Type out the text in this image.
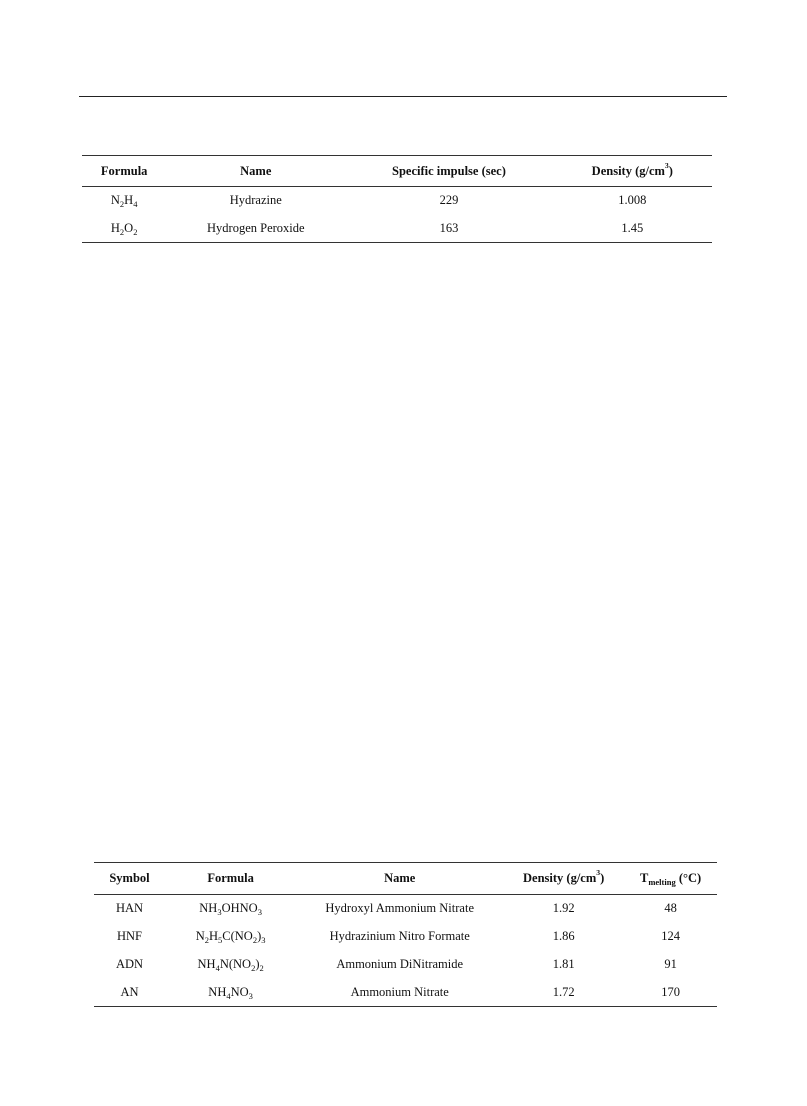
Formula	Name	Specific impulse (sec)	Density $(g/cm^3)$
$N_2H_4$	Hydrazine	229	1.008
$H_2O_2$	Hydrogen Peroxide	163	1.45
Symbol	Formula	Name	Density $(g/cm^3)$	$T_{melting}$ (°C)
HAN	$NH_3OHNO_3$	Hydroxyl Ammonium Nitrate	1.92	48
HNF	$N_2H_5C(NO_2)_3$	Hydrazinium Nitro Formate	1.86	124
ADN	$NH_4N(NO_2)_2$	Ammonium DiNitramide	1.81	91
AN	$NH_4NO_3$	Ammonium Nitrate	1.72	170
